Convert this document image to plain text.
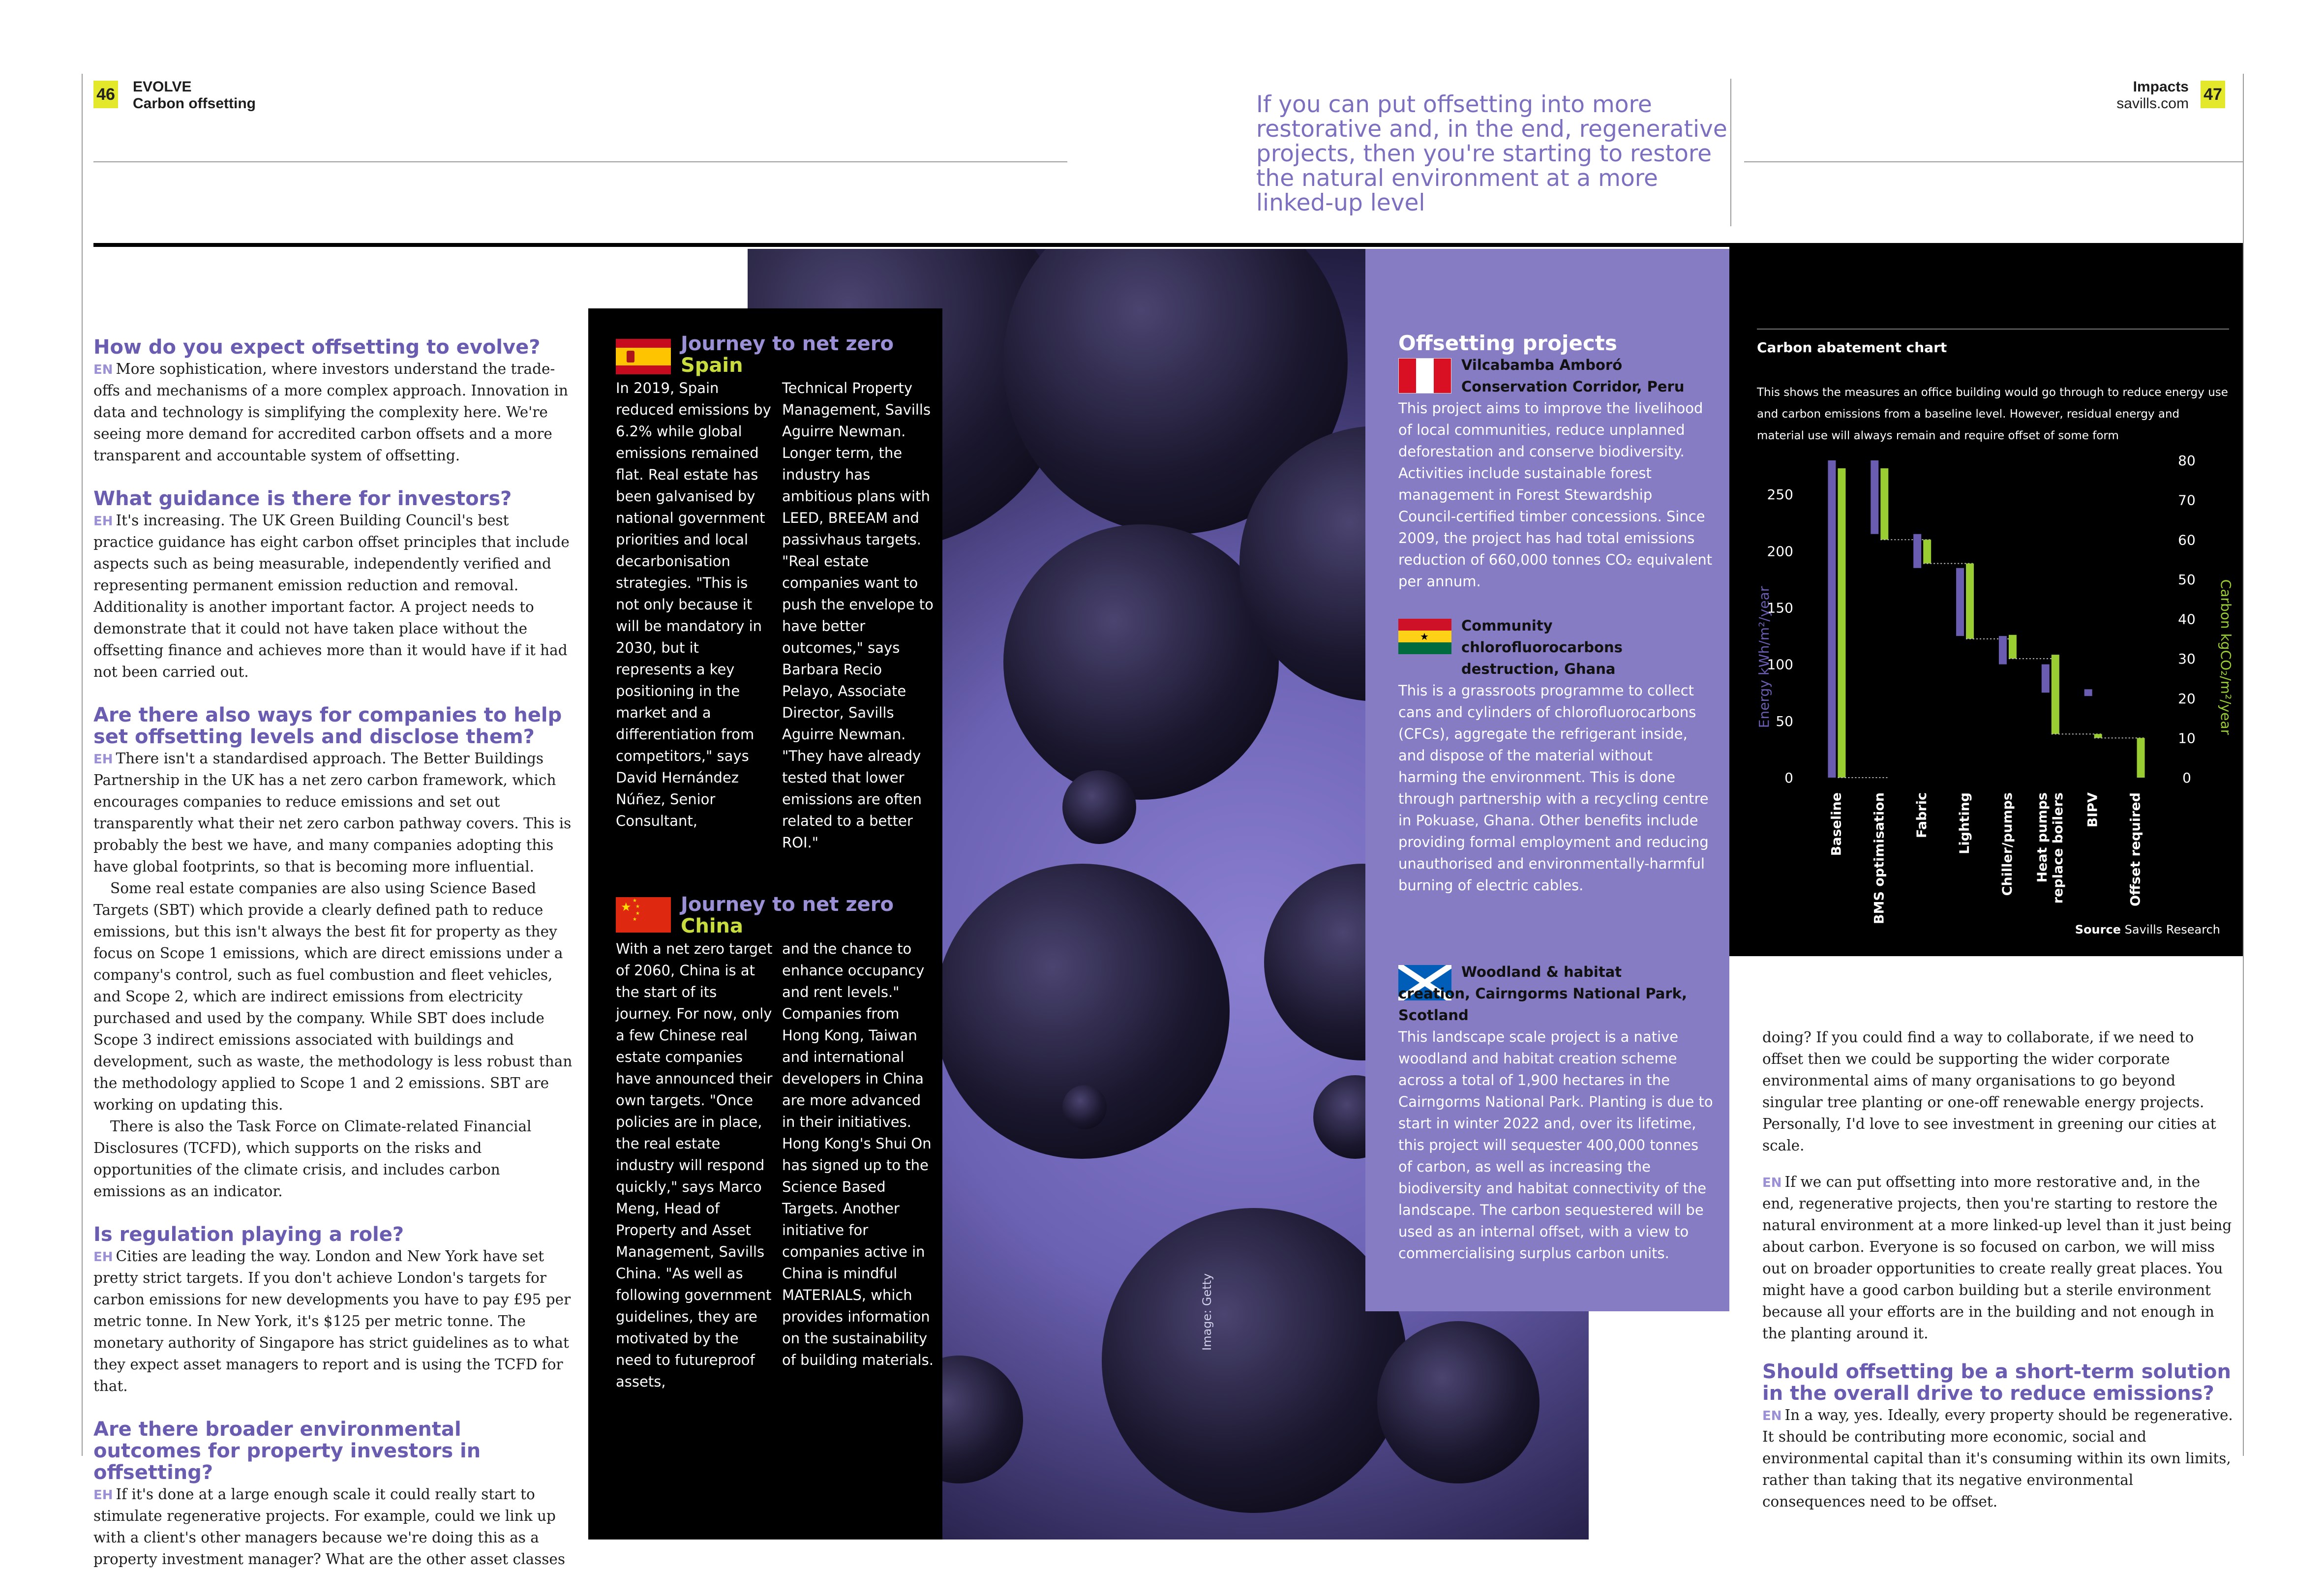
46 EVOLVE
Carbon offsetting
Impacts
savills.com 47
If you can put offsetting into more restorative and, in the end, regenerative projects, then you're starting to restore the natural environment at a more linked-up level
Image: Getty
How do you expect offsetting to evolve?

EN More sophistication, where investors understand the trade-offs and mechanisms of a more complex approach. Innovation in data and technology is simplifying the complexity here. We're seeing more demand for accredited carbon offsets and a more transparent and accountable system of offsetting.

What guidance is there for investors?

EH It's increasing. The UK Green Building Council's best practice guidance has eight carbon offset principles that include aspects such as being measurable, independently verified and representing permanent emission reduction and removal. Additionality is another important factor. A project needs to demonstrate that it could not have taken place without the offsetting finance and achieves more than it would have if it had not been carried out.

Are there also ways for companies to help set offsetting levels and disclose them?

EH There isn't a standardised approach. The Better Buildings Partnership in the UK has a net zero carbon framework, which encourages companies to reduce emissions and set out transparently what their net zero carbon pathway covers. This is probably the best we have, and many companies adopting this have global footprints, so that is becoming more influential.

Some real estate companies are also using Science Based Targets (SBT) which provide a clearly defined path to reduce emissions, but this isn't always the best fit for property as they focus on Scope 1 emissions, which are direct emissions under a company's control, such as fuel combustion and fleet vehicles, and Scope 2, which are indirect emissions from electricity purchased and used by the company. While SBT does include Scope 3 indirect emissions associated with buildings and development, such as waste, the methodology is less robust than the methodology applied to Scope 1 and 2 emissions. SBT are working on updating this.

There is also the Task Force on Climate-related Financial Disclosures (TCFD), which supports on the risks and opportunities of the climate crisis, and includes carbon emissions as an indicator.

Is regulation playing a role?

EH Cities are leading the way. London and New York have set pretty strict targets. If you don't achieve London's targets for carbon emissions for new developments you have to pay £95 per metric tonne. In New York, it's $125 per metric tonne. The monetary authority of Singapore has strict guidelines as to what they expect asset managers to report and is using the TCFD for that.

Are there broader environmental outcomes for property investors in offsetting?

EH If it's done at a large enough scale it could really start to stimulate regenerative projects. For example, could we link up with a client's other managers because we're doing this as a property investment manager? What are the other asset classes

Journey to net zero
Spain
In 2019, Spain reduced emissions by 6.2% while global emissions remained flat. Real estate has been galvanised by national government priorities and local decarbonisation strategies. "This is not only because it will be mandatory in 2030, but it represents a key positioning in the market and a differentiation from competitors," says David Hernández Núñez, Senior Consultant,
Technical Property Management, Savills Aguirre Newman. Longer term, the industry has ambitious plans with LEED, BREEAM and passivhaus targets. "Real estate companies want to push the envelope to have better outcomes," says Barbara Recio Pelayo, Associate Director, Savills Aguirre Newman. "They have already tested that lower emissions are often related to a better ROI."
★ ★
★
★
★
Journey to net zero
China
With a net zero target of 2060, China is at the start of its journey. For now, only a few Chinese real estate companies have announced their own targets. "Once policies are in place, the real estate industry will respond quickly," says Marco Meng, Head of Property and Asset Management, Savills China. "As well as following government guidelines, they are motivated by the need to futureproof assets,
and the chance to enhance occupancy and rent levels." Companies from Hong Kong, Taiwan and international developers in China are more advanced in their initiatives. Hong Kong's Shui On has signed up to the Science Based Targets. Another initiative for companies active in China is mindful MATERIALS, which provides information on the sustainability of building materials.
Offsetting projects
Vilcabamba Amboró Conservation Corridor, Peru
This project aims to improve the livelihood of local communities, reduce unplanned deforestation and conserve biodiversity. Activities include sustainable forest management in Forest Stewardship Council-certified timber concessions. Since 2009, the project has had total emissions reduction of 660,000 tonnes CO₂ equivalent per annum.
★
Community chlorofluorocarbons destruction, Ghana
This is a grassroots programme to collect cans and cylinders of chlorofluorocarbons (CFCs), aggregate the refrigerant inside, and dispose of the material without harming the environment. This is done through partnership with a recycling centre in Pokuase, Ghana. Other benefits include providing formal employment and reducing unauthorised and environmentally-harmful burning of electric cables.
Woodland & habitat creation, Cairngorms National Park, Scotland
This landscape scale project is a native woodland and habitat creation scheme across a total of 1,900 hectares in the Cairngorms National Park. Planting is due to start in winter 2022 and, over its lifetime, this project will sequester 400,000 tonnes of carbon, as well as increasing the biodiversity and habitat connectivity of the landscape. The carbon sequestered will be used as an internal offset, with a view to commercialising surplus carbon units.
Carbon abatement chart
This shows the measures an office building would go through to reduce energy use and carbon emissions from a baseline level. However, residual energy and material use will always remain and require offset of some form
Energy kWh/m²/year	Carbon kgCO₂/m²/year
0
50
100
150
200
250
0
10
20
30
40
50
60
70
80
Baseline BMS optimisation Fabric Lighting Chiller/pumps Heat pumpsreplace boilers BIPV Offset required
Source Savills Research

doing? If you could find a way to collaborate, if we need to offset then we could be supporting the wider corporate environmental aims of many organisations to go beyond singular tree planting or one-off renewable energy projects. Personally, I'd love to see investment in greening our cities at scale.

EN If we can put offsetting into more restorative and, in the end, regenerative projects, then you're starting to restore the natural environment at a more linked-up level than it just being about carbon. Everyone is so focused on carbon, we will miss out on broader opportunities to create really great places. You might have a good carbon building but a sterile environment because all your efforts are in the building and not enough in the planting around it.

Should offsetting be a short-term solution in the overall drive to reduce emissions?

EN In a way, yes. Ideally, every property should be regenerative.

It should be contributing more economic, social and environmental capital than it's consuming within its own limits, rather than taking that its negative environmental consequences need to be offset.
